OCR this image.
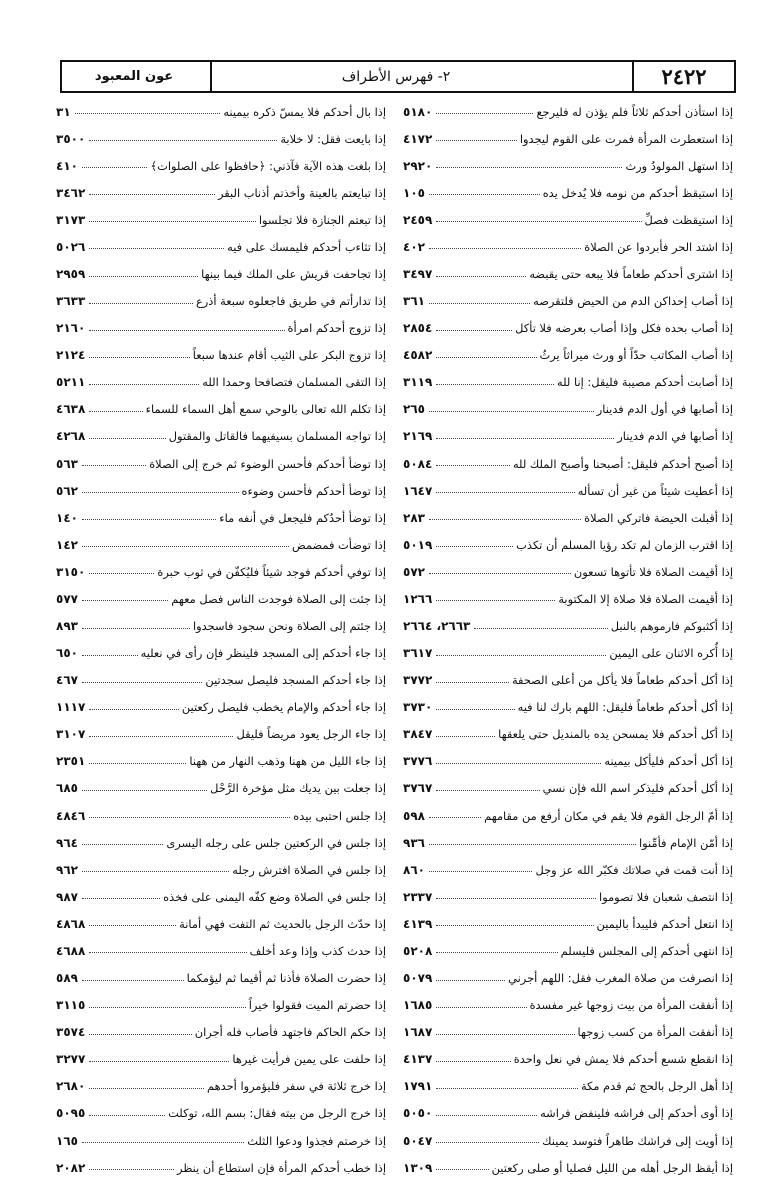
٢٤٢٢
٢- فهرس الأطراف
عون المعبود
إذا استأذن أحدكم ثلاثاً فلم يؤذن له فليرجع
٥١٨٠
إذا استعطرت المرأة فمرت على القوم ليجدوا
٤١٧٢
إذا استهل المولودُ ورث
٢٩٢٠
إذا استيقظ أحدكم من نومه فلا يُدخل يده
١٠٥
إذا استيقظت فصلِّ
٢٤٥٩
إذا اشتد الحر فأبردوا عن الصلاة
٤٠٢
إذا اشترى أحدكم طعاماً فلا يبعه حتى يقبضه
٣٤٩٧
إذا أصاب إحداكن الدم من الحيض فلتقرصه
٣٦١
إذا أصاب بحده فكل وإذا أصاب بعرضه فلا تأكل
٢٨٥٤
إذا أصاب المكاتب حدّاً أو ورث ميراثاً يرثُ
٤٥٨٢
إذا أصابت أحدكم مصيبة فليقل: إنا لله
٣١١٩
إذا أصابها في أول الدم فدينار
٢٦٥
إذا أصابها في الدم فدينار
٢١٦٩
إذا أصبح أحدكم فليقل: أصبحنا وأصبح الملك لله
٥٠٨٤
إذا أعطيت شيئاً من غير أن تسأله
١٦٤٧
إذا أقبلت الحيضة فاتركي الصلاة
٢٨٣
إذا اقترب الزمان لم تكد رؤيا المسلم أن تكذب
٥٠١٩
إذا أقيمت الصلاة فلا تأتوها تسعون
٥٧٢
إذا أقيمت الصلاة فلا صلاة إلا المكتوبة
١٢٦٦
إذا أكثبوكم فارموهم بالنبل
٢٦٦٣، ٢٦٦٤
إذا أُكره الاثنان على اليمين
٣٦١٧
إذا أكل أحدكم طعاماً فلا يأكل من أعلى الصحفة
٣٧٧٢
إذا أكل أحدكم طعاماً فليقل: اللهم بارك لنا فيه
٣٧٣٠
إذا أكل أحدكم فلا يمسحن يده بالمنديل حتى يلعقها
٣٨٤٧
إذا أكل أحدكم فليأكل بيمينه
٣٧٧٦
إذا أكل أحدكم فليذكر اسم الله فإن نسي
٣٧٦٧
إذا أمّ الرجل القوم فلا يقم في مكان أرفع من مقامهم
٥٩٨
إذا أمّن الإمام فأمِّنوا
٩٣٦
إذا أنت قمت في صلاتك فكبّر الله عز وجل
٨٦٠
إذا انتصف شعبان فلا تصوموا
٢٣٣٧
إذا انتعل أحدكم فليبدأ باليمين
٤١٣٩
إذا انتهى أحدكم إلى المجلس فليسلم
٥٢٠٨
إذا انصرفت من صلاة المغرب فقل: اللهم أجرني
٥٠٧٩
إذا أنفقت المرأة من بيت زوجها غير مفسدة
١٦٨٥
إذا أنفقت المرأة من كسب زوجها
١٦٨٧
إذا انقطع شسع أحدكم فلا يمش في نعل واحدة
٤١٣٧
إذا أهل الرجل بالحج ثم قدم مكة
١٧٩١
إذا أوى أحدكم إلى فراشه فلينفض فراشه
٥٠٥٠
إذا أويت إلى فراشك طاهراً فتوسد يمينك
٥٠٤٧
إذا أيقظ الرجل أهله من الليل فصليا أو صلى ركعتين
١٣٠٩
إذا بال أحدكم فلا يمسّ ذكره بيمينه
٣١
إذا بايعت فقل: لا خلابة
٣٥٠٠
إذا بلغت هذه الآية فآذني: ﴿حافظوا على الصلوات﴾
٤١٠
إذا تبايعتم بالعينة وأخذتم أذناب البقر
٣٤٦٢
إذا تبعتم الجنازة فلا تجلسوا
٣١٧٣
إذا تثاءب أحدكم فليمسك على فيه
٥٠٢٦
إذا تجاحفت قريش على الملك فيما بينها
٢٩٥٩
إذا تدارأتم في طريق فاجعلوه سبعة أذرع
٣٦٣٣
إذا تزوج أحدكم امرأة
٢١٦٠
إذا تزوج البكر على الثيب أقام عندها سبعاً
٢١٢٤
إذا التقى المسلمان فتصافحا وحمدا الله
٥٢١١
إذا تكلم الله تعالى بالوحي سمع أهل السماء للسماء
٤٦٣٨
إذا تواجه المسلمان بسيفيهما فالقاتل والمقتول
٤٢٦٨
إذا توضأ أحدكم فأحسن الوضوء ثم خرج إلى الصلاة
٥٦٣
إذا توضأ أحدكم فأحسن وضوءه
٥٦٢
إذا توضأ أحدُكم فليجعل في أنفه ماء
١٤٠
إذا توضأت فمضمض
١٤٢
إذا توفي أحدكم فوجد شيئاً فليُكفّن في ثوب حبرة
٣١٥٠
إذا جئت إلى الصلاة فوجدت الناس فصل معهم
٥٧٧
إذا جئتم إلى الصلاة ونحن سجود فاسجدوا
٨٩٣
إذا جاء أحدكم إلى المسجد فلينظر فإن رأى في نعليه
٦٥٠
إذا جاء أحدكم المسجد فليصل سجدتين
٤٦٧
إذا جاء أحدكم والإمام يخطب فليصل ركعتين
١١١٧
إذا جاء الرجل يعود مريضاً فليقل
٣١٠٧
إذا جاء الليل من ههنا وذهب النهار من ههنا
٢٣٥١
إذا جعلت بين يديك مثل مؤخرة الرَّحْل
٦٨٥
إذا جلس احتبى بيده
٤٨٤٦
إذا جلس في الركعتين جلس على رجله اليسرى
٩٦٤
إذا جلس في الصلاة افترش رجله
٩٦٢
إذا جلس في الصلاة وضع كفّه اليمنى على فخذه
٩٨٧
إذا حدّث الرجل بالحديث ثم التفت فهي أمانة
٤٨٦٨
إذا حدث كذب وإذا وعد أخلف
٤٦٨٨
إذا حضرت الصلاة فأذنا ثم أقيما ثم ليؤمكما
٥٨٩
إذا حضرتم الميت فقولوا خيراً
٣١١٥
إذا حكم الحاكم فاجتهد فأصاب فله أجران
٣٥٧٤
إذا حلفت على يمين فرأيت غيرها
٣٢٧٧
إذا خرج ثلاثة في سفر فليؤمروا أحدهم
٢٦٨٠
إذا خرج الرجل من بيته فقال: بسم الله، توكلت
٥٠٩٥
إذا خرصتم فجذوا ودعوا الثلث
١٦٥
إذا خطب أحدكم المرأة فإن استطاع أن ينظر
٢٠٨٢
